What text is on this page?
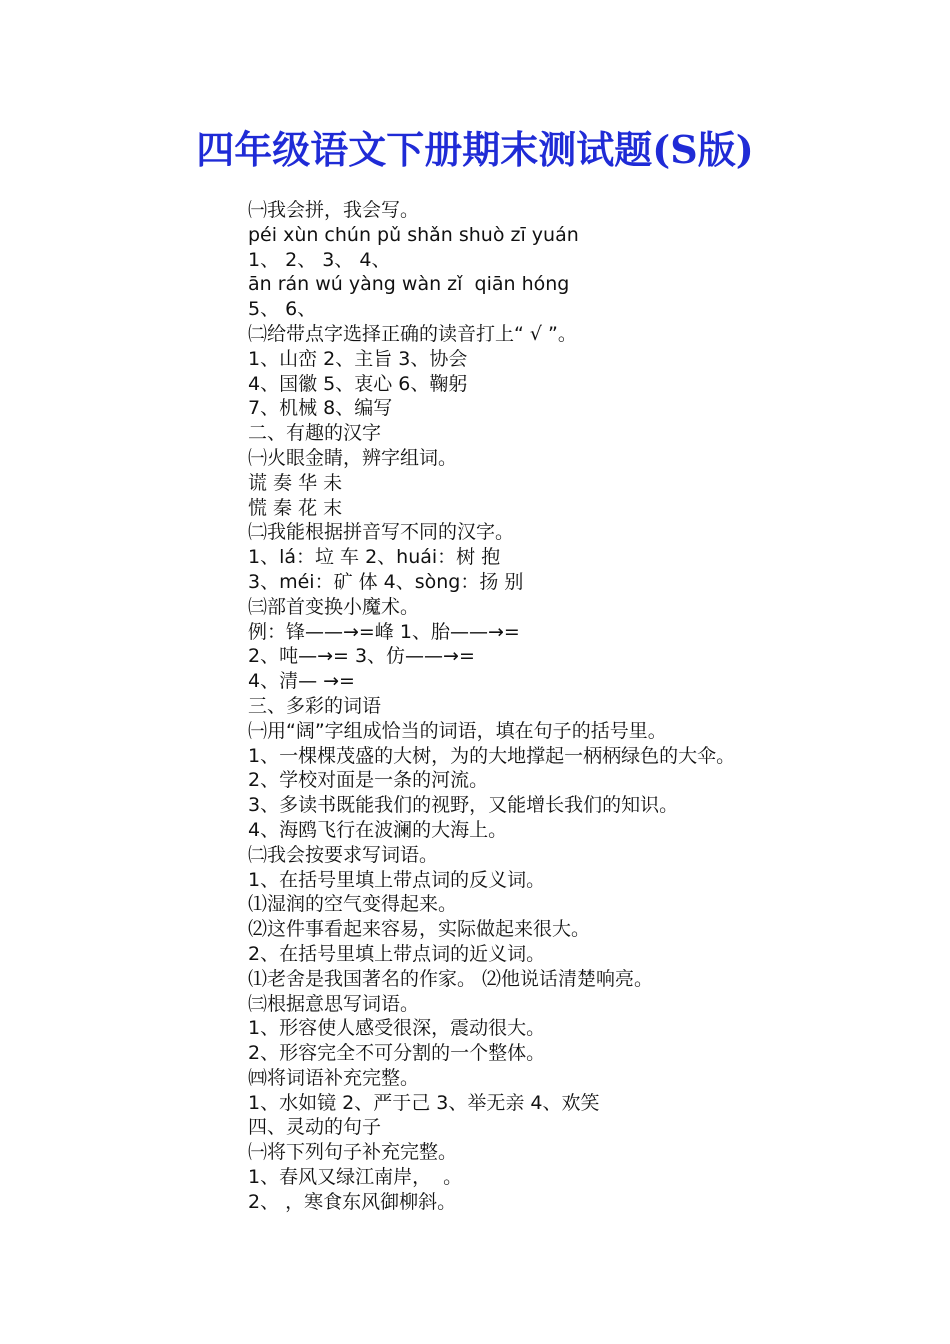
四年级语文下册期末测试题(S版)
㈠我会拼，我会写。
péi xùn chún pǔ shǎn shuò zī yuán
1、 2、 3、 4、
ān rán wú yàng wàn zǐ  qiān hóng
5、 6、
㈡给带点字选择正确的读音打上“ √ ”。
1、山峦 2、主旨 3、协会
4、国徽 5、衷心 6、鞠躬
7、机械 8、编写
二、有趣的汉字
㈠火眼金睛，辨字组词。
谎 奏 华 未
慌 秦 花 末
㈡我能根据拼音写不同的汉字。
1、lá：垃 车 2、huái：树 抱
3、méi：矿 体 4、sòng：扬 别
㈢部首变换小魔术。
例：锋——→=峰 1、胎——→=
2、吨—→= 3、仿——→=
4、清— →=
三、多彩的词语
㈠用“阔”字组成恰当的词语，填在句子的括号里。
1、一棵棵茂盛的大树，为的大地撑起一柄柄绿色的大伞。
2、学校对面是一条的河流。
3、多读书既能我们的视野，又能增长我们的知识。
4、海鸥飞行在波澜的大海上。
㈡我会按要求写词语。
1、在括号里填上带点词的反义词。
⑴湿润的空气变得起来。
⑵这件事看起来容易，实际做起来很大。
2、在括号里填上带点词的近义词。
⑴老舍是我国著名的作家。 ⑵他说话清楚响亮。
㈢根据意思写词语。
1、形容使人感受很深，震动很大。
2、形容完全不可分割的一个整体。
㈣将词语补充完整。
1、水如镜 2、严于己 3、举无亲 4、欢笑
四、灵动的句子
㈠将下列句子补充完整。
1、春风又绿江南岸，  。
2、 ，寒食东风御柳斜。
